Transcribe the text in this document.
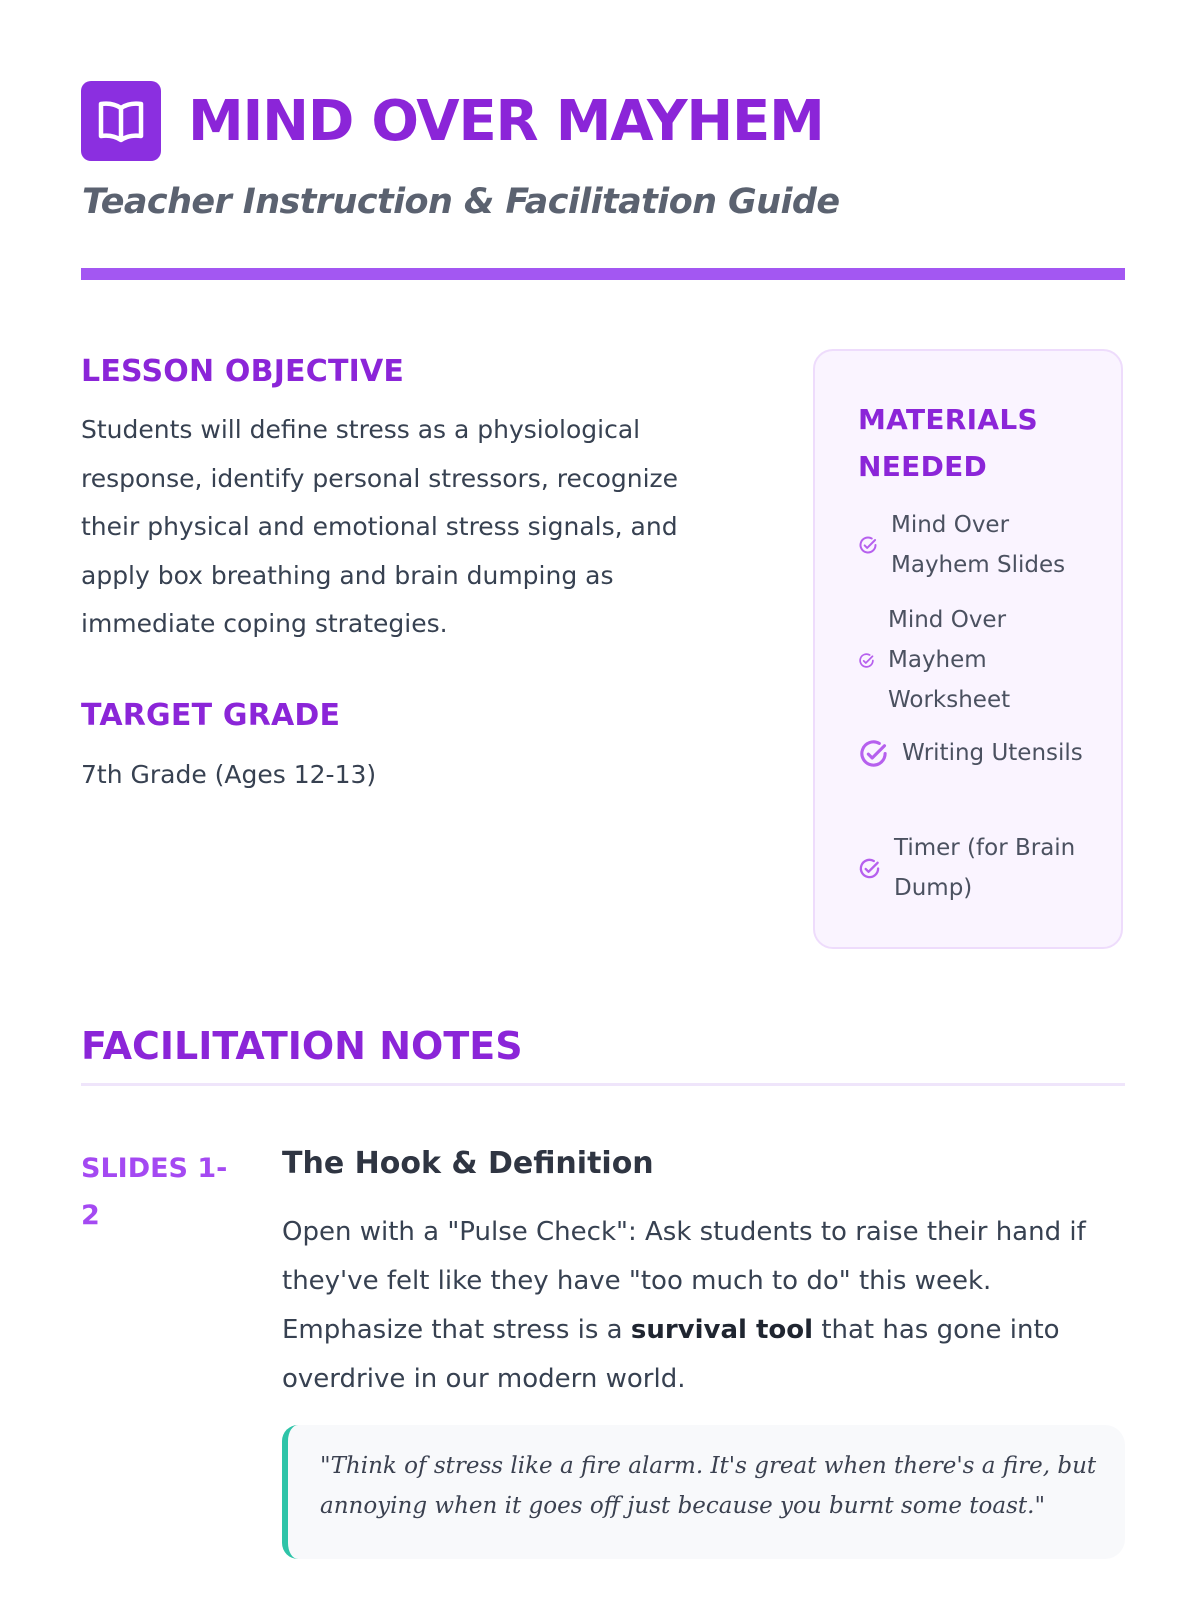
MIND OVER MAYHEM
Teacher Instruction & Facilitation Guide
LESSON OBJECTIVE

Students will define stress as a physiological response, identify personal stressors, recognize their physical and emotional stress signals, and apply box breathing and brain dumping as immediate coping strategies.

TARGET GRADE

7th Grade (Ages 12-13)

MATERIALS NEEDED
Mind Over Mayhem Slides
Mind Over Mayhem Worksheet
Writing Utensils
Timer (for Brain Dump)
FACILITATION NOTES

SLIDES 1-2

The Hook & Definition

Open with a "Pulse Check": Ask students to raise their hand if they've felt like they have "too much to do" this week. Emphasize that stress is a survival tool that has gone into overdrive in our modern world.

"Think of stress like a fire alarm. It's great when there's a fire, but annoying when it goes off just because you burnt some toast."
